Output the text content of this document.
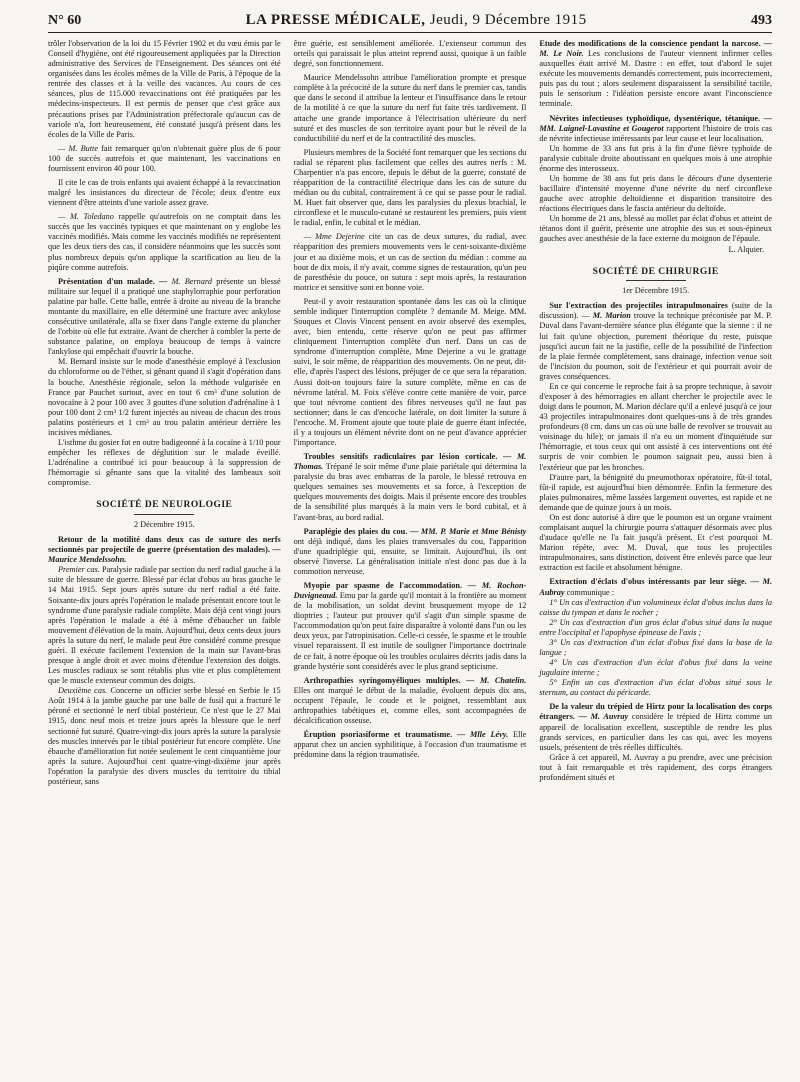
N° 60	LA PRESSE MÉDICALE, Jeudi, 9 Décembre 1915	493

trôler l'observation de la loi du 15 Février 1902 et du vœu émis par le Conseil d'hygiène, ont été rigoureusement appliquées par la Direction administrative des Services de l'Enseignement. Des séances ont été organisées dans les écoles mêmes de la Ville de Paris, à l'époque de la rentrée des classes et à la veille des vacances. Au cours de ces séances, plus de 115.000 revaccinations ont été pratiquées par les médecins-inspecteurs. Il est permis de penser que c'est grâce aux précautions prises par l'Administration préfectorale qu'aucun cas de variole n'a, fort heureusement, été constaté jusqu'à présent dans les écoles de la Ville de Paris.

— M. Butte fait remarquer qu'on n'obtenait guère plus de 6 pour 100 de succès autrefois et que maintenant, les vaccinations en fournissent environ 40 pour 100.

Il cite le cas de trois enfants qui avaient échappé à la revaccination malgré les insistances du directeur de l'école; deux d'entre eux viennent d'être atteints d'une variole assez grave.

— M. Toledano rappelle qu'autrefois on ne comptait dans les succès que les vaccinés typiques et que maintenant on y englobe les vaccinés modifiés. Mais comme les vaccinés modifiés ne représentent que les deux tiers des cas, il considère néanmoins que les succès sont plus nombreux depuis qu'on applique la scarification au lieu de la piqûre comme autrefois.

Présentation d'un malade. — M. Bernard présente un blessé militaire sur lequel il a pratiqué une staphylorraphie pour perforation palatine par balle. Cette balle, entrée à droite au niveau de la branche montante du maxillaire, en elle déterminé une fracture avec ankylose consécutive unilatérale, alla se fixer dans l'angle externe du plancher de l'orbite où elle fut extraite. Avant de chercher à combler la perte de substance palatine, on employa beaucoup de temps à vaincre l'ankylose qui empêchait d'ouvrir la bouche.

M. Bernard insiste sur le mode d'anesthésie employé à l'exclusion du chloroforme ou de l'éther, si gênant quand il s'agit d'opération dans la bouche. Anesthésie régionale, selon la méthode vulgarisée en France par Pauchet surtout, avec en tout 6 cm³ d'une solution de novocaïne à 2 pour 100 avec 3 gouttes d'une solution d'adrénaline à 1 pour 100 dont 2 cm³ 1/2 furent injectés au niveau de chacun des trous palatins postérieurs et 1 cm³ au trou palatin antérieur derrière les incisives médianes.

L'isthme du gosier fut en outre badigeonné à la cocaïne à 1/10 pour empêcher les réflexes de déglutition sur le malade éveillé. L'adrénaline a contribué ici pour beaucoup à la suppression de l'hémorragie si gênante sans que la vitalité des lambeaux soit compromise.

SOCIÉTÉ DE NEUROLOGIE
2 Décembre 1915.

Retour de la motilité dans deux cas de suture des nerfs sectionnés par projectile de guerre (présentation des malades). — Maurice Mendelssohn.

Premier cas. Paralysie radiale par section du nerf radial gauche à la suite de blessure de guerre. Blessé par éclat d'obus au bras gauche le 14 Mai 1915. Sept jours après suture du nerf radial a été faite. Soixante-dix jours après l'opération le malade présentait encore tout le syndrome d'une paralysie radiale complète. Mais déjà cent vingt jours après l'opération le malade a été à même d'ébaucher un faible mouvement d'élévation de la main. Aujourd'hui, deux cents deux jours après la suture du nerf, le malade peut être considéré comme presque guéri. Il exécute facilement l'extension de la main sur l'avant-bras presque à angle droit et avec moins d'étendue l'extension des doigts. Les muscles radiaux se sont rétablis plus vite et plus complètement que le muscle extenseur commun des doigts.

Deuxième cas. Concerne un officier serbe blessé en Serbie le 15 Août 1914 à la jambe gauche par une balle de fusil qui a fracturé le péroné et sectionné le nerf tibial postérieur. Ce n'est que le 27 Mai 1915, donc neuf mois et treize jours après la blessure que le nerf sectionné fut suturé. Quatre-vingt-dix jours après la suture la paralysie des muscles innervés par le tibial postérieur fut encore complète. Une ébauche d'amélioration fut notée seulement le cent cinquantième jour après la suture. Aujourd'hui cent quatre-vingt-dixième jour après l'opération la paralysie des divers muscles du territoire du tibial postérieur, sans

être guérie, est sensiblement améliorée. L'extenseur commun des orteils qui paraissait le plus atteint reprend aussi, quoique à un faible degré, son fonctionnement.

Maurice Mendelssohn attribue l'amélioration prompte et presque complète à la précocité de la suture du nerf dans le premier cas, tandis que dans le second il attribue la lenteur et l'insuffisance dans le retour de la motilité à ce que la suture du nerf fut faite très tardivement. Il attache une grande importance à l'électrisation ultérieure du nerf suturé et des muscles de son territoire ayant pour but le réveil de la conductibilité du nerf et de la contractilité des muscles.

Plusieurs membres de la Société font remarquer que les sections du radial se réparent plus facilement que celles des autres nerfs : M. Charpentier n'a pas encore, depuis le début de la guerre, constaté de réapparition de la contractilité électrique dans les cas de suture du médian ou du cubital, contrairement à ce qui se passe pour le radial. M. Huet fait observer que, dans les paralysies du plexus brachial, le circonflexe et le musculo-cutané se restaurent les premiers, puis vient le radial, enfin, le cubital et le médian.

— Mme Dejerine cite un cas de deux sutures, du radial, avec réapparition des premiers mouvements vers le cent-soixante-dixième jour et au dixième mois, et un cas de section du médian : comme au bout de dix mois, il n'y avait, comme signes de restauration, qu'un peu de paresthésie du pouce, on sutura : sept mois après, la restauration motrice et sensitive sont en bonne voie.

Peut-il y avoir restauration spontanée dans les cas où la clinique semble indiquer l'interruption complète ? demande M. Meige. MM. Souques et Clovis Vincent pensent en avoir observé des exemples, avec, bien entendu, cette réserve qu'on ne peut pas affirmer cliniquement l'interruption complète d'un nerf. Dans un cas de syndrome d'interruption complète, Mme Dejerine a vu le grattage suivi, le soir même, de réapparition des mouvements. On ne peut, dit-elle, d'après l'aspect des lésions, préjuger de ce que sera la réparation. Aussi doit-on toujours faire la suture complète, même en cas de névrome latéral. M. Foix s'élève contre cette manière de voir, parce que tout névrome contient des fibres nerveuses qu'il ne faut pas sectionner; dans le cas d'encoche latérale, on doit limiter la suture à l'encoche. M. Froment ajoute que toute plaie de guerre étant infectée, il y a toujours un élément névrite dont on ne peut d'avance apprécier l'importance.

Troubles sensitifs radiculaires par lésion corticale. — M. Thomas. Trépané le soir même d'une plaie pariétale qui détermina la paralysie du bras avec embarras de la parole, le blessé retrouva en quelques semaines ses mouvements et sa force, à l'exception de quelques mouvements des doigts. Mais il présente encore des troubles de la sensibilité plus marqués à la main vers le bord cubital, et à l'avant-bras, au bord radial.

Paraplégie des plaies du cou. — MM. P. Marie et Mme Bénisty ont déjà indiqué, dans les plaies transversales du cou, l'apparition d'une quadriplégie qui, ensuite, se limitait. Aujourd'hui, ils ont observé l'inverse. La généralisation initiale n'est donc pas due à la commotion nerveuse.

Myopie par spasme de l'accommodation. — M. Rochon-Duvigneaud. Emu par la garde qu'il montait à la frontière au moment de la mobilisation, un soldat devint brusquement myope de 12 dioptries ; l'auteur put prouver qu'il s'agit d'un simple spasme de l'accommodation qu'on peut faire disparaître à volonté dans l'un ou les deux yeux, par l'atropinisation. Celle-ci cessée, le spasme et le trouble visuel reparaissent. Il est inutile de souligner l'importance doctrinale de ce fait, à notre époque où les troubles oculaires décrits jadis dans la grande hystérie sont considérés avec le plus grand septicisme.

Arthropathies syringomyéliques multiples. — M. Chatelin. Elles ont marqué le début de la maladie, évoluent depuis dix ans, occupent l'épaule, le coude et le poignet, ressemblant aux arthropathies tabétiques et, comme elles, sont accompagnées de décalcification osseuse.

Éruption psoriasiforme et traumatisme. — Mlle Lévy. Elle apparut chez un ancien syphilitique, à l'occasion d'un traumatisme et prédomine dans la région traumatisée.

Etude des modifications de la conscience pendant la narcose. — M. Le Noir. Les conclusions de l'auteur viennent infirmer celles auxquelles était arrivé M. Dastre : en effet, tout d'abord le sujet exécute les mouvements demandés correctement, puis incorrectement, puis pas du tout ; alors seulement disparaissent la sensibilité tactile, puis le sensorium : l'idéation persiste encore avant l'inconscience terminale.

Névrites infectieuses typhoïdique, dysentérique, tétanique. — MM. Laignel-Lavastine et Gougerot rapportent l'histoire de trois cas de névrite infectieuse intéressants par leur cause et leur localisation.

Un homme de 33 ans fut pris à la fin d'une fièvre typhoïde de paralysie cubitale droite aboutissant en quelques mois à une atrophie énorme des interosseux.

Un homme de 38 ans fut pris dans le décours d'une dysenterie bacillaire d'intensité moyenne d'une névrite du nerf circonflexe gauche avec atrophie deltoïdienne et disparition transitoire des réactions électriques dans le fascia antérieur du deltoïde.

Un homme de 21 ans, blessé au mollet par éclat d'obus et atteint de tétanos dont il guérit, présente une atrophie des sus et sous-épineux gauches avec anesthésie de la face externe du moignon de l'épaule.

L. Alquier.
SOCIÉTÉ DE CHIRURGIE
1er Décembre 1915.

Sur l'extraction des projectiles intrapulmonaires (suite de la discussion). — M. Marion trouve la technique préconisée par M. P. Duval dans l'avant-dernière séance plus élégante que la sienne : il ne lui fait qu'une objection, purement théorique du reste, puisque jusqu'ici aucun fait ne la justifie, celle de la possibilité de l'infection de la plaie fermée complètement, sans drainage, infection venue soit de l'incision du poumon, soit de l'extérieur et qui pourrait avoir de graves conséquences.

En ce qui concerne le reproche fait à sa propre technique, à savoir d'exposer à des hémorragies en allant chercher le projectile avec le doigt dans le poumon, M. Marion déclare qu'il a enlevé jusqu'à ce jour 43 projectiles intrapulmonaires dont quelques-uns à de très grandes profondeurs (8 cm. dans un cas où une balle de revolver se trouvait au voisinage du hile); or jamais il n'a eu un moment d'inquiétude sur l'hémorragie, et tous ceux qui ont assisté à ces interventions ont été surpris de voir combien le poumon saignait peu, aussi bien à l'extérieur que par les bronches.

D'autre part, la bénignité du pneumothorax opératoire, fût-il total, fût-il rapide, est aujourd'hui bien démontrée. Enfin la fermeture des plaies pulmonaires, même lassées largement ouvertes, est rapide et ne demande que de quinze jours à un mois.

On est donc autorisé à dire que le poumon est un organe vraiment complaisant auquel la chirurgie pourra s'attaquer désormais avec plus d'audace qu'elle ne l'a fait jusqu'à présent. Et c'est pourquoi M. Marion répète, avec M. Duval, que tous les projectiles intrapulmonaires, sans distinction, doivent être enlevés parce que leur extraction est facile et absolument bénigne.

Extraction d'éclats d'obus intéressants par leur siège. — M. Aubray communique :

1° Un cas d'extraction d'un volumineux éclat d'obus inclus dans la caisse du tympan et dans le rocher ;

2° Un cas d'extraction d'un gros éclat d'obus situé dans la nuque entre l'occipital et l'apophyse épineuse de l'axis ;

3° Un cas d'extraction d'un éclat d'obus fixé dans la base de la langue ;

4° Un cas d'extraction d'un éclat d'obus fixé dans la veine jugulaire interne ;

5° Enfin un cas d'extraction d'un éclat d'obus situé sous le sternum, au contact du péricarde.

De la valeur du trépied de Hirtz pour la localisation des corps étrangers. — M. Auvray considère le trépied de Hirtz comme un appareil de localisation excellent, susceptible de rendre les plus grands services, en particulier dans les cas qui, avec les moyens usuels, présentent de très réelles difficultés.

Grâce à cet appareil, M. Auvray a pu prendre, avec une précision tout à fait remarquable et très rapidement, des corps étrangers profondément situés et
